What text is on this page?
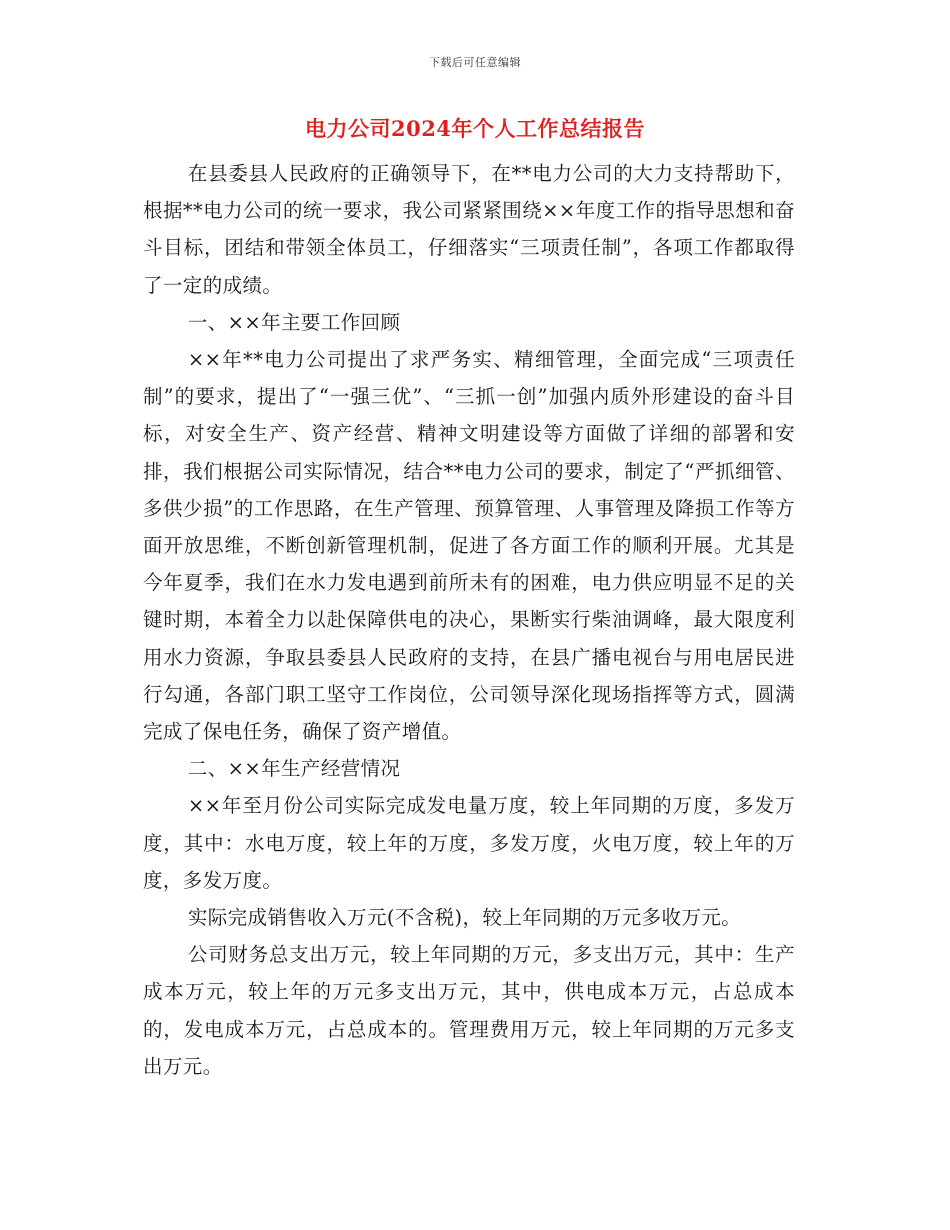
下载后可任意编辑
电力公司2024年个人工作总结报告

在县委县人民政府的正确领导下，在**电力公司的大力支持帮助下，根据**电力公司的统一要求，我公司紧紧围绕××年度工作的指导思想和奋斗目标，团结和带领全体员工，仔细落实“三项责任制”，各项工作都取得了一定的成绩。

一、××年主要工作回顾

××年**电力公司提出了求严务实、精细管理，全面完成“三项责任制”的要求，提出了“一强三优”、“三抓一创”加强内质外形建设的奋斗目标，对安全生产、资产经营、精神文明建设等方面做了详细的部署和安排，我们根据公司实际情况，结合**电力公司的要求，制定了“严抓细管、多供少损”的工作思路，在生产管理、预算管理、人事管理及降损工作等方面开放思维，不断创新管理机制，促进了各方面工作的顺利开展。尤其是今年夏季，我们在水力发电遇到前所未有的困难，电力供应明显不足的关键时期，本着全力以赴保障供电的决心，果断实行柴油调峰，最大限度利用水力资源，争取县委县人民政府的支持，在县广播电视台与用电居民进行勾通，各部门职工坚守工作岗位，公司领导深化现场指挥等方式，圆满完成了保电任务，确保了资产增值。

二、××年生产经营情况

××年至月份公司实际完成发电量万度，较上年同期的万度，多发万度，其中：水电万度，较上年的万度，多发万度，火电万度，较上年的万度，多发万度。

实际完成销售收入万元(不含税)，较上年同期的万元多收万元。

公司财务总支出万元，较上年同期的万元，多支出万元，其中：生产成本万元，较上年的万元多支出万元，其中，供电成本万元，占总成本的，发电成本万元，占总成本的。管理费用万元，较上年同期的万元多支出万元。
